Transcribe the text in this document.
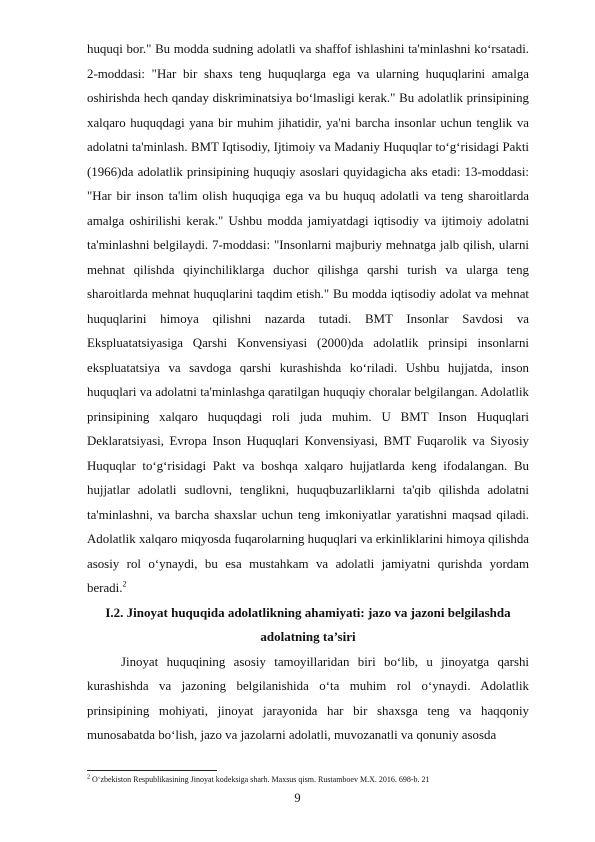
huquqi bor." Bu modda sudning adolatli va shaffof ishlashini ta'minlashni ko‘rsatadi. 2-moddasi: "Har bir shaxs teng huquqlarga ega va ularning huquqlarini amalga oshirishda hech qanday diskriminatsiya bo‘lmasligi kerak." Bu adolatlik prinsipining xalqaro huquqdagi yana bir muhim jihatidir, ya'ni barcha insonlar uchun tenglik va adolatni ta'minlash. BMT Iqtisodiy, Ijtimoiy va Madaniy Huquqlar to‘g‘risidagi Pakti (1966)da adolatlik prinsipining huquqiy asoslari quyidagicha aks etadi: 13-moddasi: "Har bir inson ta'lim olish huquqiga ega va bu huquq adolatli va teng sharoitlarda amalga oshirilishi kerak." Ushbu modda jamiyatdagi iqtisodiy va ijtimoiy adolatni ta'minlashni belgilaydi. 7-moddasi: "Insonlarni majburiy mehnatga jalb qilish, ularni mehnat qilishda qiyinchiliklarga duchor qilishga qarshi turish va ularga teng sharoitlarda mehnat huquqlarini taqdim etish." Bu modda iqtisodiy adolat va mehnat huquqlarini himoya qilishni nazarda tutadi. BMT Insonlar Savdosi va Ekspluatatsiyasiga Qarshi Konvensiyasi (2000)da adolatlik prinsipi insonlarni ekspluatatsiya va savdoga qarshi kurashishda ko‘riladi. Ushbu hujjatda, inson huquqlari va adolatni ta'minlashga qaratilgan huquqiy choralar belgilangan. Adolatlik prinsipining xalqaro huquqdagi roli juda muhim. U BMT Inson Huquqlari Deklaratsiyasi, Evropa Inson Huquqlari Konvensiyasi, BMT Fuqarolik va Siyosiy Huquqlar to‘g‘risidagi Pakt va boshqa xalqaro hujjatlarda keng ifodalangan. Bu hujjatlar adolatli sudlovni, tenglikni, huquqbuzarliklarni ta'qib qilishda adolatni ta'minlashni, va barcha shaxslar uchun teng imkoniyatlar yaratishni maqsad qiladi. Adolatlik xalqaro miqyosda fuqarolarning huquqlari va erkinliklarini himoya qilishda asosiy rol o‘ynaydi, bu esa mustahkam va adolatli jamiyatni qurishda yordam beradi.$^2$

I.2. Jinoyat huquqida adolatlikning ahamiyati: jazo va jazoni belgilashda
adolatning ta’siri

Jinoyat huquqining asosiy tamoyillaridan biri bo‘lib, u jinoyatga qarshi kurashishda va jazoning belgilanishida o‘ta muhim rol o‘ynaydi. Adolatlik prinsipining mohiyati, jinoyat jarayonida har bir shaxsga teng va haqqoniy munosabatda bo‘lish, jazo va jazolarni adolatli, muvozanatli va qonuniy asosda

$^2$ O‘zbekiston Respublikasining Jinoyat kodeksiga sharh. Maxsus qism. Rustamboev M.X. 2016. 698-b. 21
9
